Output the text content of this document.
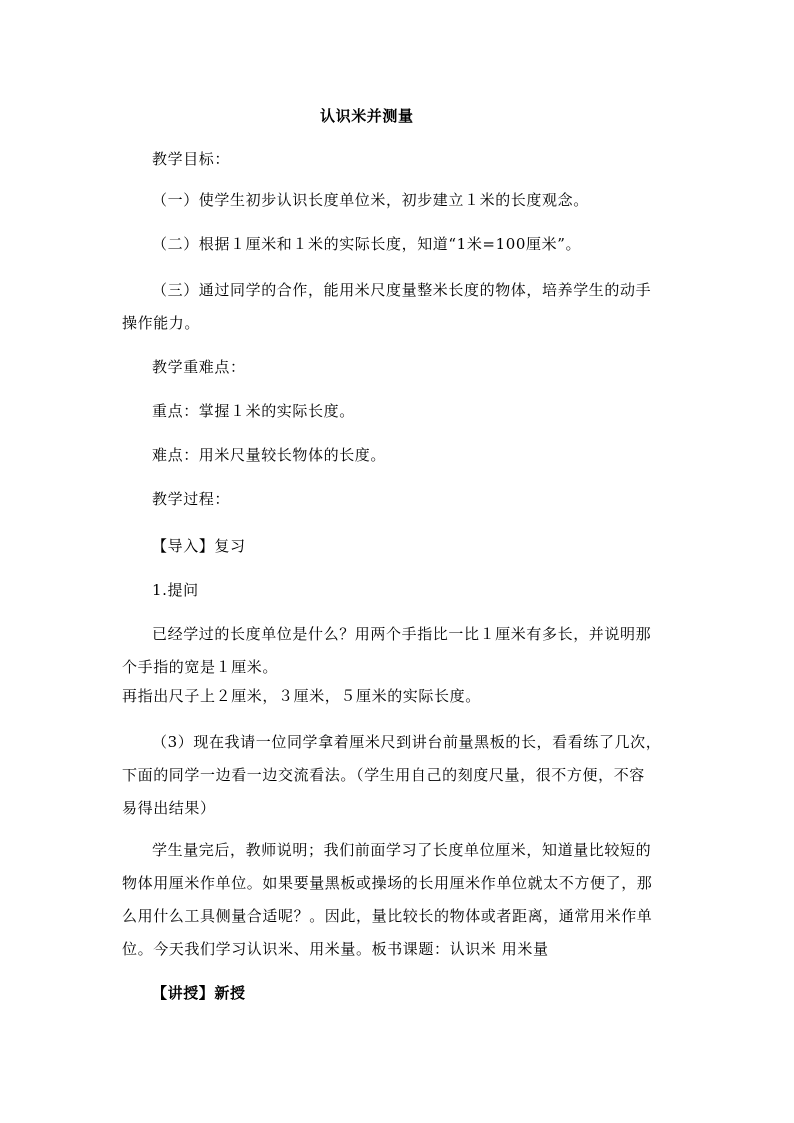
认识米并测量
教学目标：
（一）使学生初步认识长度单位米，初步建立１米的长度观念。
（二）根据１厘米和１米的实际长度，知道“1米=100厘米”。
（三）通过同学的合作，能用米尺度量整米长度的物体，培养学生的动手
操作能力。
教学重难点：
重点：掌握１米的实际长度。
难点：用米尺量较长物体的长度。
教学过程：
【导入】复习
1.提问
已经学过的长度单位是什么？用两个手指比一比１厘米有多长，并说明那
个手指的宽是１厘米。
再指出尺子上２厘米，３厘米，５厘米的实际长度。
（3）现在我请一位同学拿着厘米尺到讲台前量黑板的长，看看练了几次，
下面的同学一边看一边交流看法。（学生用自己的刻度尺量，很不方便，不容
易得出结果）
学生量完后，教师说明；我们前面学习了长度单位厘米，知道量比较短的
物体用厘米作单位。如果要量黑板或操场的长用厘米作单位就太不方便了，那
么用什么工具侧量合适呢？。因此，量比较长的物体或者距离，通常用米作单
位。今天我们学习认识米、用米量。板书课题：认识米 用米量
【讲授】新授
